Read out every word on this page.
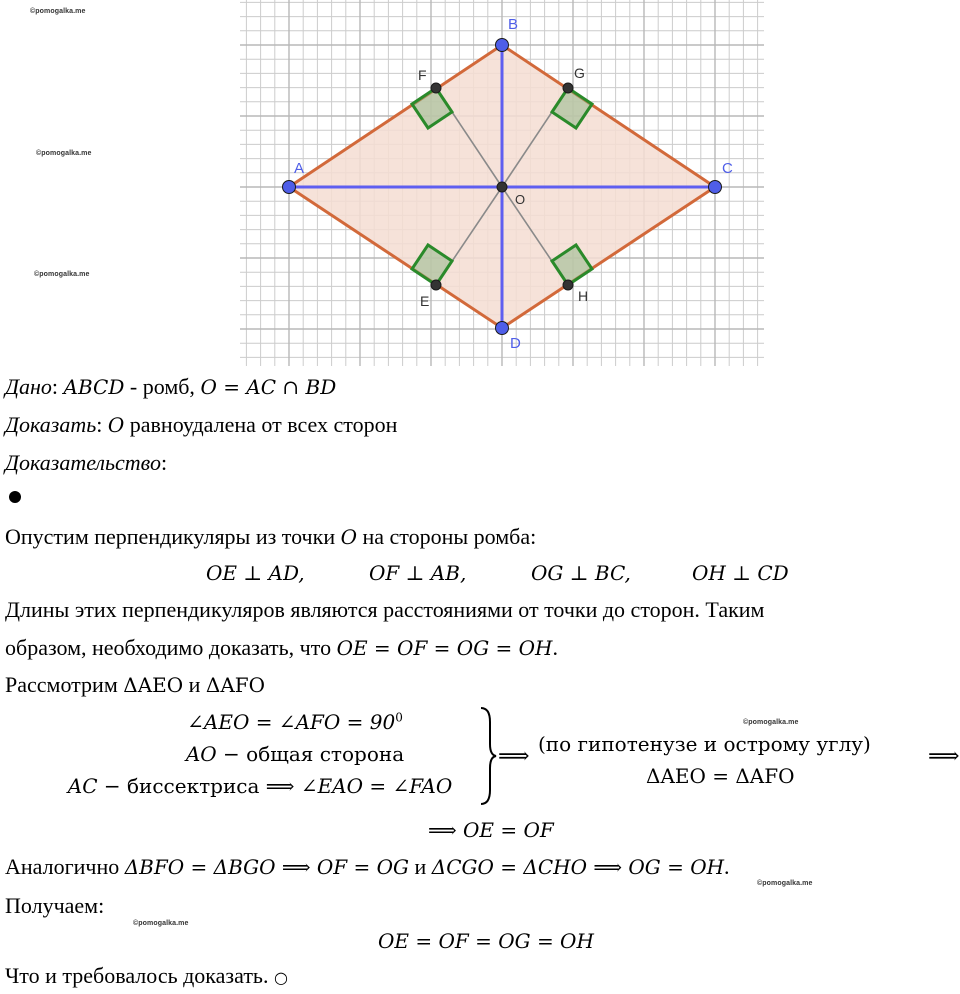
©pomogalka.me
©pomogalka.me
©pomogalka.me
©pomogalka.me
©pomogalka.me
©pomogalka.me
A
B
C
D
O
F	G
E	H
Дано: ABCD - ромб, O = AC ∩ BD
Доказать: O равноудалена от всех сторон
Доказательство:
Опустим перпендикуляры из точки O на стороны ромба:
OE ⊥ AD,	OF ⊥ AB,	OG ⊥ BC,	OH ⊥ CD
Длины этих перпендикуляров являются расстояниями от точки до сторон. Таким
образом, необходимо доказать, что OE = OF = OG = OH.
Рассмотрим ΔAEO и ΔAFO
∠AEO = ∠AFO = $90^0$
AO − общая сторона
AC − биссектриса ⟹ ∠EAO = ∠FAO
⟹ (по гипотенузе и острому углу)
ΔAEO = ΔAFO
⟹
⟹ OE = OF
Аналогично ΔBFO = ΔBGO ⟹ OF = OG и ΔCGO = ΔCHO ⟹ OG = OH.
Получаем:
OE = OF = OG = OH
Что и требовалось доказать. ○
